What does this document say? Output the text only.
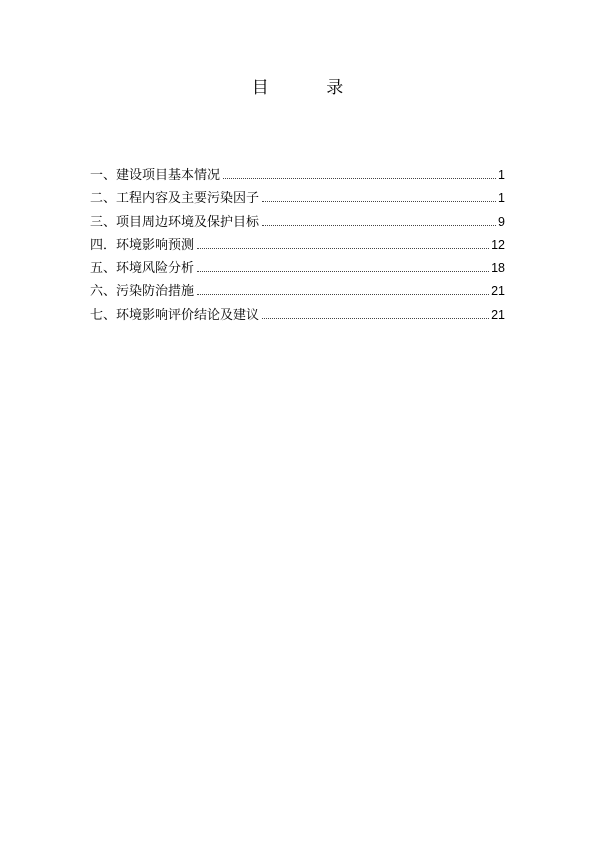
目 录
一、建设项目基本情况	1
二、工程内容及主要污染因子	1
三、项目周边环境及保护目标	9
四．环境影响预测	12
五、环境风险分析	18
六、污染防治措施	21
七、环境影响评价结论及建议	21
